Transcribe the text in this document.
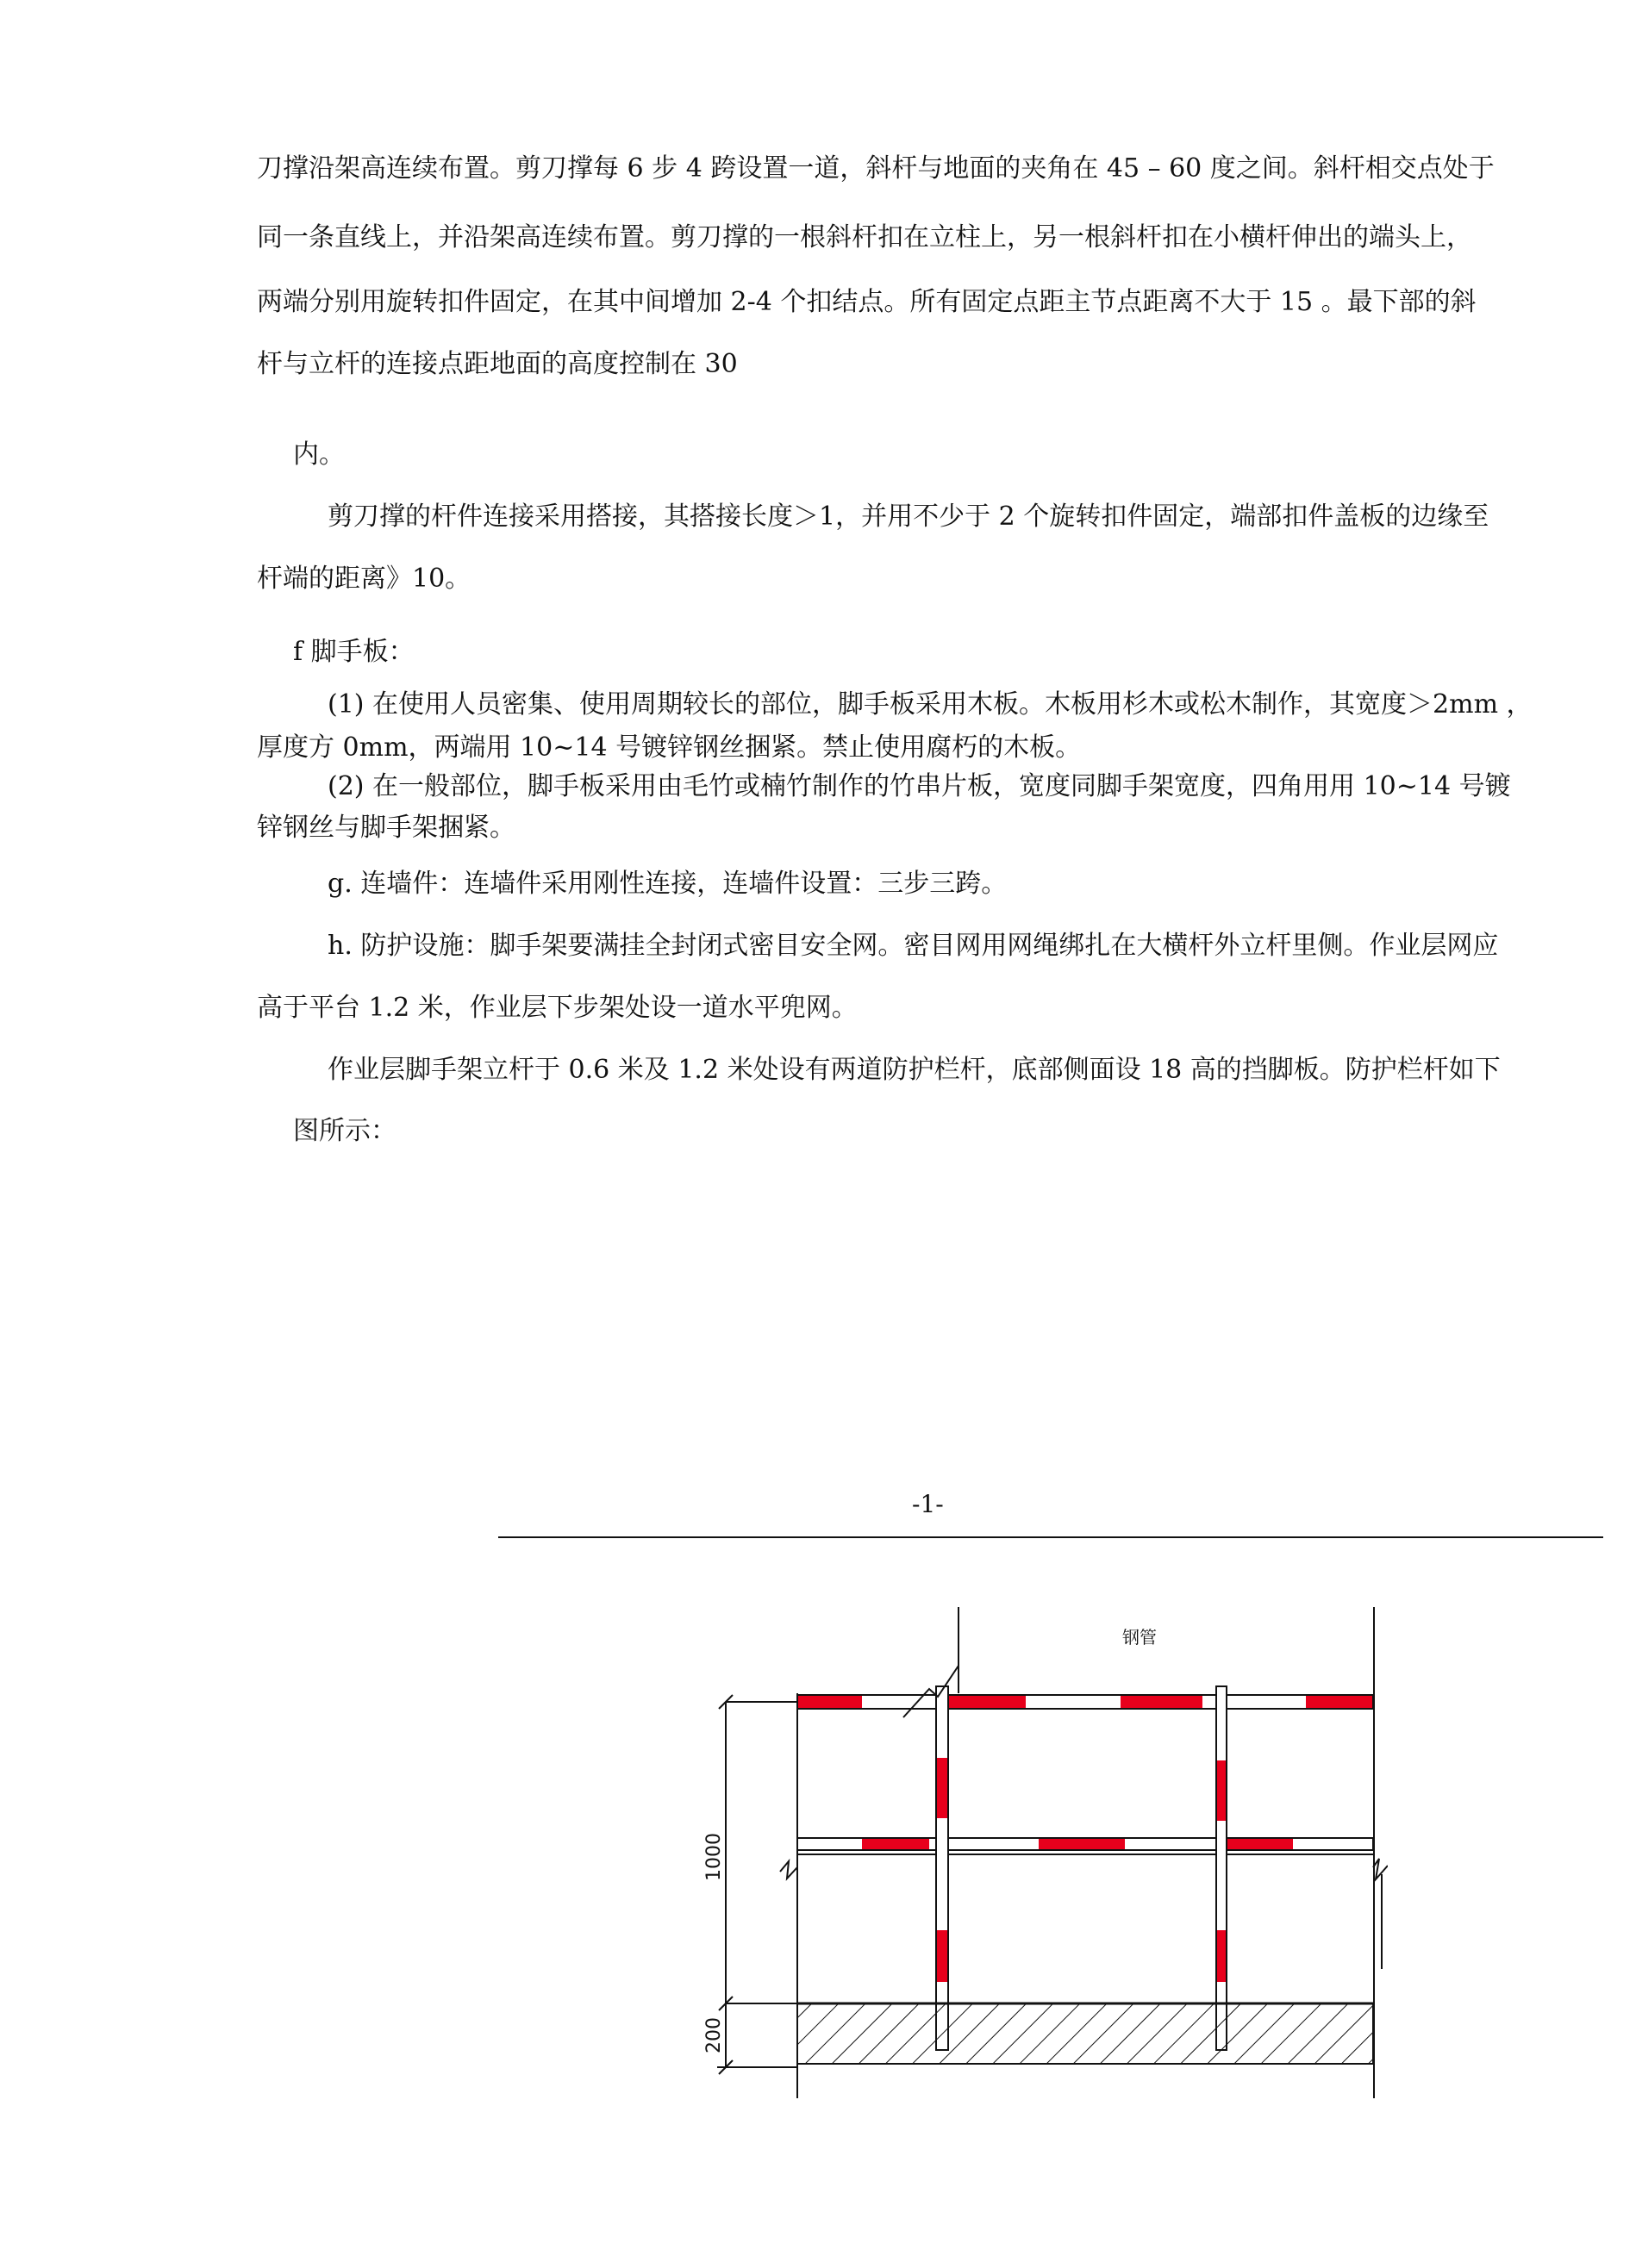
刀撑沿架高连续布置。剪刀撑每 6 步 4 跨设置一道，斜杆与地面的夹角在 45 – 60 度之间。斜杆相交点处于
同一条直线上，并沿架高连续布置。剪刀撑的一根斜杆扣在立柱上，另一根斜杆扣在小横杆伸出的端头上，
两端分别用旋转扣件固定，在其中间增加 2-4 个扣结点。所有固定点距主节点距离不大于 15 。最下部的斜
杆与立杆的连接点距地面的高度控制在 30
内。
剪刀撑的杆件连接采用搭接，其搭接长度＞1，并用不少于 2 个旋转扣件固定，端部扣件盖板的边缘至
杆端的距离》10。
f 脚手板：
(1) 在使用人员密集、使用周期较长的部位，脚手板采用木板。木板用杉木或松木制作，其宽度＞2mm ，
厚度方 0mm，两端用 10~14 号镀锌钢丝捆紧。禁止使用腐朽的木板。
(2) 在一般部位，脚手板采用由毛竹或楠竹制作的竹串片板，宽度同脚手架宽度，四角用用 10~14 号镀
锌钢丝与脚手架捆紧。
g. 连墙件：连墙件采用刚性连接，连墙件设置：三步三跨。
h. 防护设施：脚手架要满挂全封闭式密目安全网。密目网用网绳绑扎在大横杆外立杆里侧。作业层网应
高于平台 1.2 米，作业层下步架处设一道水平兜网。
作业层脚手架立杆于 0.6 米及 1.2 米处设有两道防护栏杆，底部侧面设 18 高的挡脚板。防护栏杆如下
图所示：
-1-
钢管
1000
200
